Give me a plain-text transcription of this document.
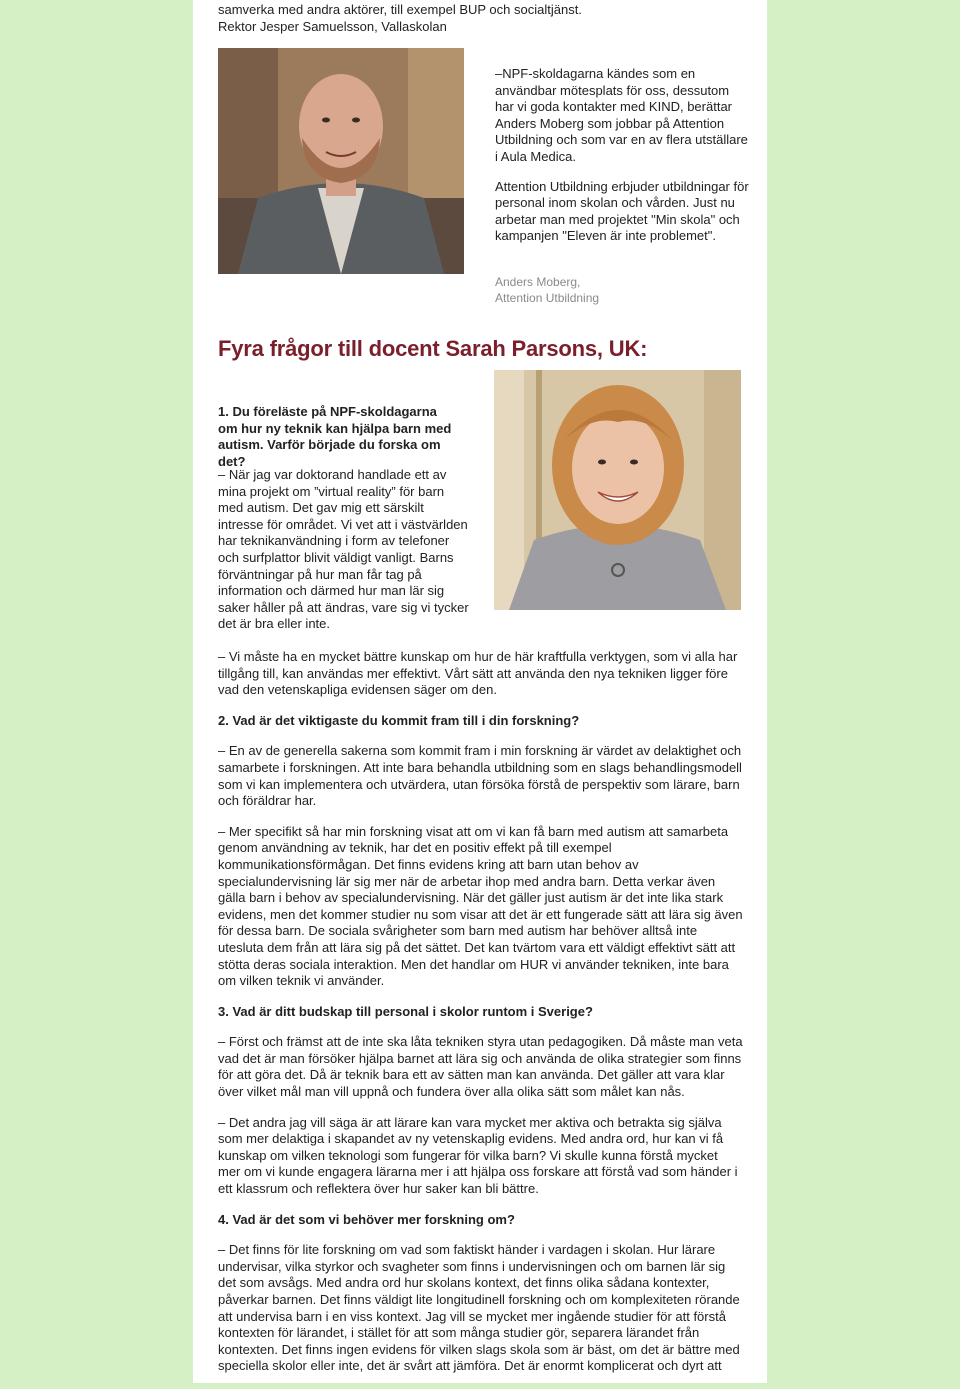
samverka med andra aktörer, till exempel BUP och socialtjänst.
Rektor Jesper Samuelsson, Vallaskolan

–NPF-skoldagarna kändes som en användbar mötesplats för oss, dessutom har vi goda kontakter med KIND, berättar Anders Moberg som jobbar på Attention Utbildning och som var en av flera utställare i Aula Medica.

Attention Utbildning erbjuder utbildningar för personal inom skolan och vården. Just nu arbetar man med projektet "Min skola" och kampanjen "Eleven är inte problemet".

Anders Moberg,
Attention Utbildning
Fyra frågor till docent Sarah Parsons, UK:
1. Du föreläste på NPF-skoldagarna om hur ny teknik kan hjälpa barn med autism. Varför började du forska om det?
– När jag var doktorand handlade ett av mina projekt om ”virtual reality” för barn med autism. Det gav mig ett särskilt intresse för området. Vi vet att i västvärlden har teknikanvändning i form av telefoner och surfplattor blivit väldigt vanligt. Barns förväntningar på hur man får tag på information och därmed hur man lär sig saker håller på att ändras, vare sig vi tycker det är bra eller inte.

– Vi måste ha en mycket bättre kunskap om hur de här kraftfulla verktygen, som vi alla har tillgång till, kan användas mer effektivt. Vårt sätt att använda den nya tekniken ligger före vad den vetenskapliga evidensen säger om den.

2. Vad är det viktigaste du kommit fram till i din forskning?

– En av de generella sakerna som kommit fram i min forskning är värdet av delaktighet och samarbete i forskningen. Att inte bara behandla utbildning som en slags behandlingsmodell som vi kan implementera och utvärdera, utan försöka förstå de perspektiv som lärare, barn och föräldrar har.

– Mer specifikt så har min forskning visat att om vi kan få barn med autism att samarbeta genom användning av teknik, har det en positiv effekt på till exempel kommunikationsförmågan. Det finns evidens kring att barn utan behov av specialundervisning lär sig mer när de arbetar ihop med andra barn. Detta verkar även gälla barn i behov av specialundervisning. När det gäller just autism är det inte lika stark evidens, men det kommer studier nu som visar att det är ett fungerade sätt att lära sig även för dessa barn. De sociala svårigheter som barn med autism har behöver alltså inte utesluta dem från att lära sig på det sättet. Det kan tvärtom vara ett väldigt effektivt sätt att stötta deras sociala interaktion. Men det handlar om HUR vi använder tekniken, inte bara om vilken teknik vi använder.

3. Vad är ditt budskap till personal i skolor runtom i Sverige?

– Först och främst att de inte ska låta tekniken styra utan pedagogiken. Då måste man veta vad det är man försöker hjälpa barnet att lära sig och använda de olika strategier som finns för att göra det. Då är teknik bara ett av sätten man kan använda. Det gäller att vara klar över vilket mål man vill uppnå och fundera över alla olika sätt som målet kan nås.

– Det andra jag vill säga är att lärare kan vara mycket mer aktiva och betrakta sig själva som mer delaktiga i skapandet av ny vetenskaplig evidens. Med andra ord, hur kan vi få kunskap om vilken teknologi som fungerar för vilka barn? Vi skulle kunna förstå mycket mer om vi kunde engagera lärarna mer i att hjälpa oss forskare att förstå vad som händer i ett klassrum och reflektera över hur saker kan bli bättre.

4. Vad är det som vi behöver mer forskning om?

– Det finns för lite forskning om vad som faktiskt händer i vardagen i skolan. Hur lärare undervisar, vilka styrkor och svagheter som finns i undervisningen och om barnen lär sig det som avsågs. Med andra ord hur skolans kontext, det finns olika sådana kontexter, påverkar barnen. Det finns väldigt lite longitudinell forskning och om komplexiteten rörande att undervisa barn i en viss kontext. Jag vill se mycket mer ingående studier för att förstå kontexten för lärandet, i stället för att som många studier gör, separera lärandet från kontexten. Det finns ingen evidens för vilken slags skola som är bäst, om det är bättre med speciella skolor eller inte, det är svårt att jämföra. Det är enormt komplicerat och dyrt att
